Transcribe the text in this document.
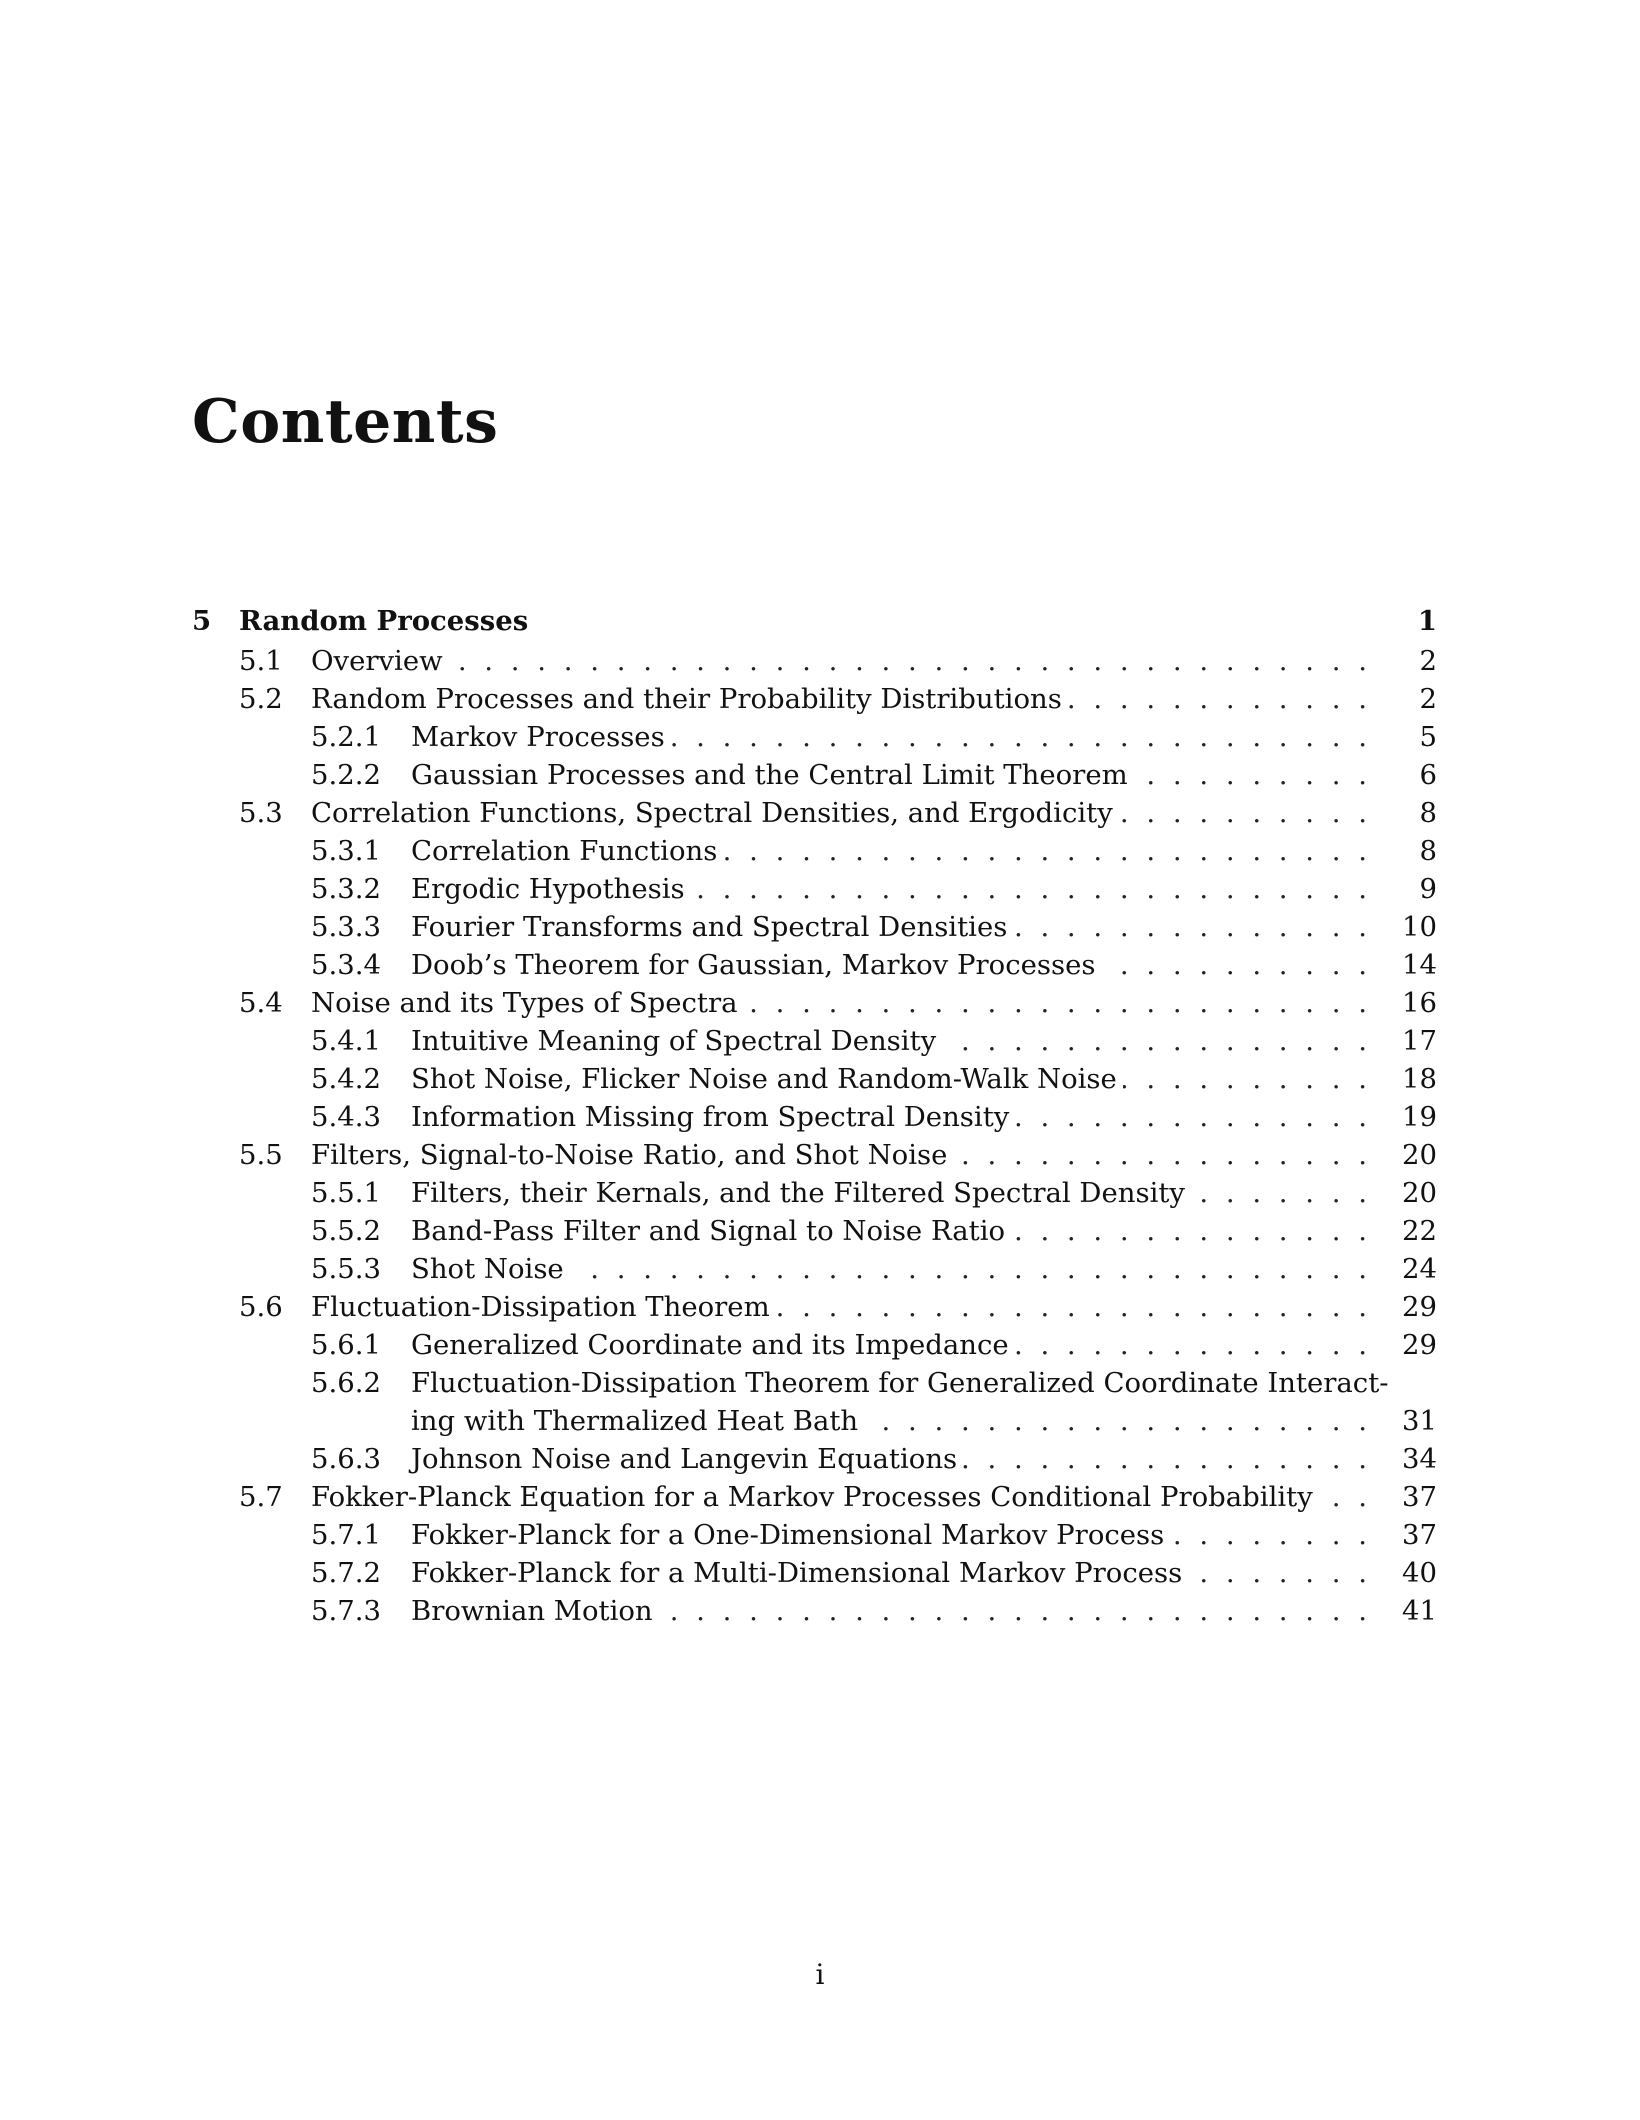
Contents
5	Random Processes	1
5.1	Overview . . .	2
5.2	Random Processes and their Probability Distributions . . .	2
5.2.1	Markov Processes . . .	5
5.2.2	Gaussian Processes and the Central Limit Theorem . . .	6
5.3	Correlation Functions, Spectral Densities, and Ergodicity . . .	8
5.3.1	Correlation Functions . . .	8
5.3.2	Ergodic Hypothesis . . .	9
5.3.3	Fourier Transforms and Spectral Densities . . .	10
5.3.4	Doob’s Theorem for Gaussian, Markov Processes . . .	14
5.4	Noise and its Types of Spectra . . .	16
5.4.1	Intuitive Meaning of Spectral Density . . .	17
5.4.2	Shot Noise, Flicker Noise and Random-Walk Noise . . .	18
5.4.3	Information Missing from Spectral Density . . .	19
5.5	Filters, Signal-to-Noise Ratio, and Shot Noise . . .	20
5.5.1	Filters, their Kernals, and the Filtered Spectral Density . . .	20
5.5.2	Band-Pass Filter and Signal to Noise Ratio . . .	22
5.5.3	Shot Noise . . .	24
5.6	Fluctuation-Dissipation Theorem . . .	29
5.6.1	Generalized Coordinate and its Impedance . . .	29
5.6.2	Fluctuation-Dissipation Theorem for Generalized Coordinate Interact-
ing with Thermalized Heat Bath . . .	31
5.6.3	Johnson Noise and Langevin Equations . . .	34
5.7	Fokker-Planck Equation for a Markov Processes Conditional Probability . . .	37
5.7.1	Fokker-Planck for a One-Dimensional Markov Process . . .	37
5.7.2	Fokker-Planck for a Multi-Dimensional Markov Process . . .	40
5.7.3	Brownian Motion . . .	41
i
